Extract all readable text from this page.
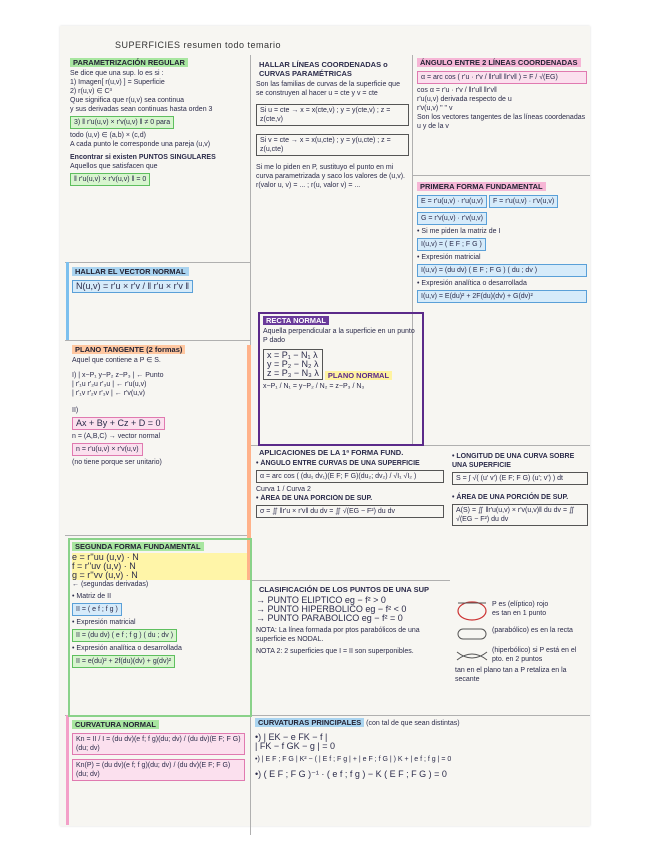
SUPERFICIES resumen todo temario
PARAMETRIZACIÓN REGULAR
Se dice que una sup. lo es si :
1) Imagen[ r(u,v) ] = Superficie
2) r(u,v) ∈ C³
Que significa que r(u,v) sea continua
y sus derivadas sean continuas hasta orden 3
3) ‖ r'u(u,v) × r'v(u,v) ‖ ≠ 0 para
todo (u,v) ∈ (a,b) × (c,d)
A cada punto le corresponde una pareja (u,v)
Encontrar si existen PUNTOS SINGULARES
Aquellos que satisfacen que
‖ r'u(u,v) × r'v(u,v) ‖ = 0
HALLAR EL VECTOR NORMAL N(u,v) = r'u × r'v / ‖ r'u × r'v ‖
PLANO TANGENTE (2 formas)
Aquel que contiene a P ∈ S.
I) | x−P₁ y−P₂ z−P₃ | ← Punto
| r'₁u r'₂u r'₃u | ← r'u(u,v)
| r'₁v r'₂v r'₃v | ← r'v(u,v)
II)
Ax + By + Cz + D = 0
n = (A,B,C) → vector normal
n = r'u(u,v) × r'v(u,v)
(no tiene porque ser unitario)
SEGUNDA FORMA FUNDAMENTAL
e = r''uu (u,v) · N
f = r''uv (u,v) · N
g = r''vv (u,v) · N
← (segundas derivadas)
• Matriz de II
II = ( e f ; f g )
• Expresión matricial
II = (du dv) ( e f ; f g ) ( du ; dv )
• Expresión analítica o desarrollada
II = e(du)² + 2f(du)(dv) + g(dv)²
CURVATURA NORMAL Kn = II / I = (du dv)(e f; f g)(du; dv) / (du dv)(E F; F G)(du; dv) Kn(P) = (du dv)(e f; f g)(du; dv) / (du dv)(E F; F G)(du; dv)
HALLAR LÍNEAS COORDENADAS o CURVAS PARAMÉTRICAS
Son las familias de curvas de la superficie que se construyen al hacer u = cte y v = cte
Si u = cte → x = x(cte,v) ; y = y(cte,v) ; z = z(cte,v) Si v = cte → x = x(u,cte) ; y = y(u,cte) ; z = z(u,cte)
Si me lo piden en P, sustituyo el punto en mi curva parametrizada y saco los valores de (u,v).
r(valor u, v) = ... ; r(u, valor v) = ...
RECTA NORMAL
Aquella perpendicular a la superficie en un punto P dado
x = P₁ − N₁ λ
y = P₂ − N₂ λ
z = P₃ − N₃ λ PLANO NORMAL
x−P₁ / N₁ = y−P₂ / N₂ = z−P₃ / N₃
ÁNGULO ENTRE 2 LÍNEAS COORDENADAS α = arc cos ( r'u · r'v / ‖r'u‖ ‖r'v‖ ) = F / √(EG)
cos α = r'u · r'v / ‖r'u‖ ‖r'v‖
r'u(u,v) derivada respecto de u
r'v(u,v) " " v
Son los vectores tangentes de las líneas coordenadas u y de la v
PRIMERA FORMA FUNDAMENTAL E = r'u(u,v) · r'u(u,v) F = r'u(u,v) · r'v(u,v) G = r'v(u,v) · r'v(u,v)
• Si me piden la matriz de I
I(u,v) = ( E F ; F G )
• Expresión matricial
I(u,v) = (du dv) ( E F ; F G ) ( du ; dv )
• Expresión analítica o desarrollada
I(u,v) = E(du)² + 2F(du)(dv) + G(dv)²
APLICACIONES DE LA 1ª FORMA FUND.
• ÁNGULO ENTRE CURVAS DE UNA SUPERFICIE
α = arc cos ( (du₁ dv₁)(E F; F G)(du₂; dv₂) / √I₁ √I₂ )
Curva 1 / Curva 2
• ÁREA DE UNA PORCIÓN DE SUP.
σ = ∬ ‖r'u × r'v‖ du dv = ∬ √(EG − F²) du dv
• LONGITUD DE UNA CURVA SOBRE UNA SUPERFICIE
S = ∫ √( (u' v') (E F; F G) (u'; v') ) dt
• ÁREA DE UNA PORCIÓN DE SUP.
A(S) = ∬ ‖r'u(u,v) × r'v(u,v)‖ du dv = ∬ √(EG − F²) du dv
CLASIFICACIÓN DE LOS PUNTOS DE UNA SUP
→ PUNTO ELÍPTICO eg − f² > 0
→ PUNTO HIPERBÓLICO eg − f² < 0
→ PUNTO PARABÓLICO eg − f² = 0
NOTA: La línea formada por ptos parabólicos de una superficie es NODAL.
NOTA 2: 2 superficies que I = II son superponibles.
P es (elíptico) rojo
es tan en 1 punto
(parabólico) es en la recta
(hiperbólico) si P está en el pto. en 2 puntos
tan en el plano tan a P retaliza en la secante
CURVATURAS PRINCIPALES (con tal de que sean distintas)
•) | EK − e FK − f |
| FK − f GK − g | = 0
•) | E F ; F G | K² − ( | E f ; F g | + | e F ; f G | ) K + | e f ; f g | = 0
•) ( E F ; F G )⁻¹ · ( e f ; f g ) − K ( E F ; F G ) = 0
